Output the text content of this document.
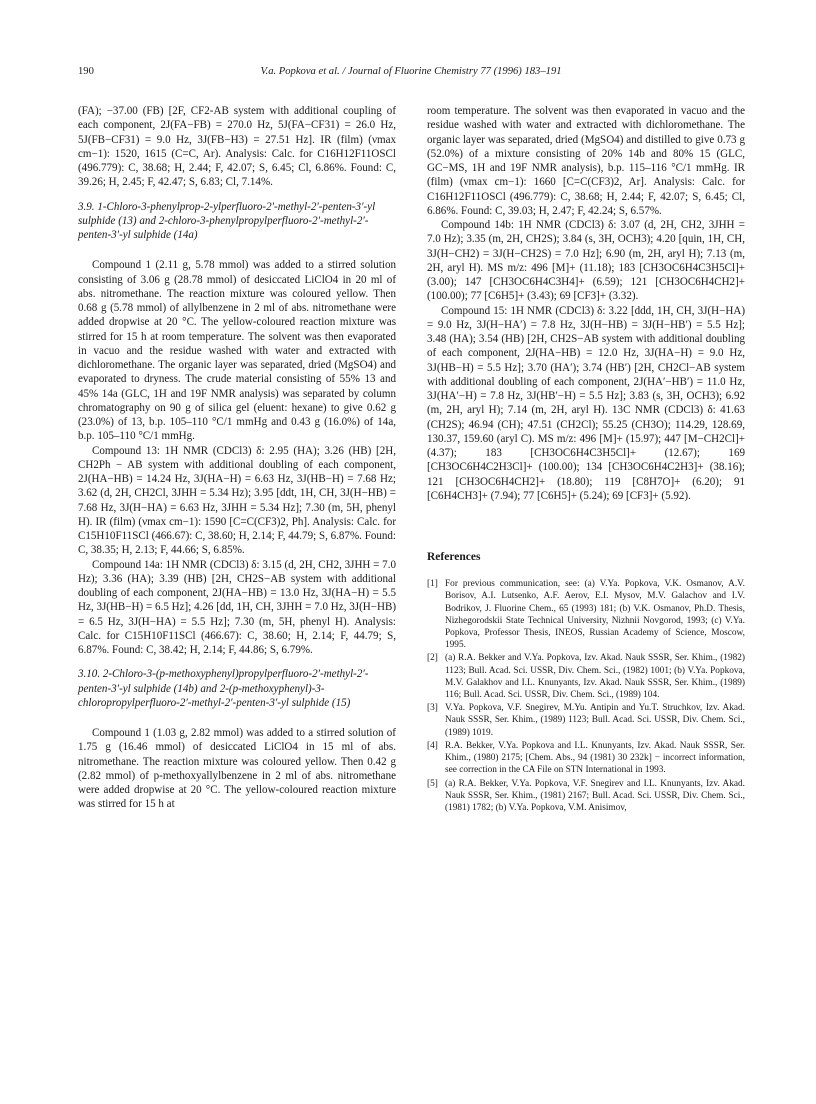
190	V.a. Popkova et al. / Journal of Fluorine Chemistry 77 (1996) 183–191

(FA); −37.00 (FB) [2F, CF2-AB system with additional coupling of each component, 2J(FA−FB) = 270.0 Hz, 5J(FA−CF31) = 26.0 Hz, 5J(FB−CF31) = 9.0 Hz, 3J(FB−H3) = 27.51 Hz]. IR (film) (νmax cm−1): 1520, 1615 (C=C, Ar). Analysis: Calc. for C16H12F11OSCl (496.779): C, 38.68; H, 2.44; F, 42.07; S, 6.45; Cl, 6.86%. Found: C, 39.26; H, 2.45; F, 42.47; S, 6.83; Cl, 7.14%.

3.9. 1-Chloro-3-phenylprop-2-ylperfluoro-2′-methyl-2′-penten-3′-yl sulphide (13) and 2-chloro-3-phenylpropylperfluoro-2′-methyl-2′-penten-3′-yl sulphide (14a)

Compound 1 (2.11 g, 5.78 mmol) was added to a stirred solution consisting of 3.06 g (28.78 mmol) of desiccated LiClO4 in 20 ml of abs. nitromethane. The reaction mixture was coloured yellow. Then 0.68 g (5.78 mmol) of allylbenzene in 2 ml of abs. nitromethane were added dropwise at 20 °C. The yellow-coloured reaction mixture was stirred for 15 h at room temperature. The solvent was then evaporated in vacuo and the residue washed with water and extracted with dichloromethane. The organic layer was separated, dried (MgSO4) and evaporated to dryness. The crude material consisting of 55% 13 and 45% 14a (GLC, 1H and 19F NMR analysis) was separated by column chromatography on 90 g of silica gel (eluent: hexane) to give 0.62 g (23.0%) of 13, b.p. 105–110 °C/1 mmHg and 0.43 g (16.0%) of 14a, b.p. 105–110 °C/1 mmHg.

Compound 13: 1H NMR (CDCl3) δ: 2.95 (HA); 3.26 (HB) [2H, CH2Ph − AB system with additional doubling of each component, 2J(HA−HB) = 14.24 Hz, 3J(HA−H) = 6.63 Hz, 3J(HB−H) = 7.68 Hz; 3.62 (d, 2H, CH2Cl, 3JHH = 5.34 Hz); 3.95 [ddt, 1H, CH, 3J(H−HB) = 7.68 Hz, 3J(H−HA) = 6.63 Hz, 3JHH = 5.34 Hz]; 7.30 (m, 5H, phenyl H). IR (film) (νmax cm−1): 1590 [C=C(CF3)2, Ph]. Analysis: Calc. for C15H10F11SCl (466.67): C, 38.60; H, 2.14; F, 44.79; S, 6.87%. Found: C, 38.35; H, 2.13; F, 44.66; S, 6.85%.

Compound 14a: 1H NMR (CDCl3) δ: 3.15 (d, 2H, CH2, 3JHH = 7.0 Hz); 3.36 (HA); 3.39 (HB) [2H, CH2S−AB system with additional doubling of each component, 2J(HA−HB) = 13.0 Hz, 3J(HA−H) = 5.5 Hz, 3J(HB−H) = 6.5 Hz]; 4.26 [dd, 1H, CH, 3JHH = 7.0 Hz, 3J(H−HB) = 6.5 Hz, 3J(H−HA) = 5.5 Hz]; 7.30 (m, 5H, phenyl H). Analysis: Calc. for C15H10F11SCl (466.67): C, 38.60; H, 2.14; F, 44.79; S, 6.87%. Found: C, 38.42; H, 2.14; F, 44.86; S, 6.79%.

3.10. 2-Chloro-3-(p-methoxyphenyl)propylperfluoro-2′-methyl-2′-penten-3′-yl sulphide (14b) and 2-(p-methoxyphenyl)-3-chloropropylperfluoro-2′-methyl-2′-penten-3′-yl sulphide (15)

Compound 1 (1.03 g, 2.82 mmol) was added to a stirred solution of 1.75 g (16.46 mmol) of desiccated LiClO4 in 15 ml of abs. nitromethane. The reaction mixture was coloured yellow. Then 0.42 g (2.82 mmol) of p-methoxyallylbenzene in 2 ml of abs. nitromethane were added dropwise at 20 °C. The yellow-coloured reaction mixture was stirred for 15 h at

room temperature. The solvent was then evaporated in vacuo and the residue washed with water and extracted with dichloromethane. The organic layer was separated, dried (MgSO4) and distilled to give 0.73 g (52.0%) of a mixture consisting of 20% 14b and 80% 15 (GLC, GC−MS, 1H and 19F NMR analysis), b.p. 115–116 °C/1 mmHg. IR (film) (νmax cm−1): 1660 [C=C(CF3)2, Ar]. Analysis: Calc. for C16H12F11OSCl (496.779): C, 38.68; H, 2.44; F, 42.07; S, 6.45; Cl, 6.86%. Found: C, 39.03; H, 2.47; F, 42.24; S, 6.57%.

Compound 14b: 1H NMR (CDCl3) δ: 3.07 (d, 2H, CH2, 3JHH = 7.0 Hz); 3.35 (m, 2H, CH2S); 3.84 (s, 3H, OCH3); 4.20 [quin, 1H, CH, 3J(H−CH2) = 3J(H−CH2S) = 7.0 Hz]; 6.90 (m, 2H, aryl H); 7.13 (m, 2H, aryl H). MS m/z: 496 [M]+ (11.18); 183 [CH3OC6H4C3H5Cl]+ (3.00); 147 [CH3OC6H4C3H4]+ (6.59); 121 [CH3OC6H4CH2]+ (100.00); 77 [C6H5]+ (3.43); 69 [CF3]+ (3.32).

Compound 15: 1H NMR (CDCl3) δ: 3.22 [ddd, 1H, CH, 3J(H−HA) = 9.0 Hz, 3J(H−HA′) = 7.8 Hz, 3J(H−HB) = 3J(H−HB′) = 5.5 Hz]; 3.48 (HA); 3.54 (HB) [2H, CH2S−AB system with additional doubling of each component, 2J(HA−HB) = 12.0 Hz, 3J(HA−H) = 9.0 Hz, 3J(HB−H) = 5.5 Hz]; 3.70 (HA′); 3.74 (HB′) [2H, CH2Cl−AB system with additional doubling of each component, 2J(HA′−HB′) = 11.0 Hz, 3J(HA′−H) = 7.8 Hz, 3J(HB′−H) = 5.5 Hz]; 3.83 (s, 3H, OCH3); 6.92 (m, 2H, aryl H); 7.14 (m, 2H, aryl H). 13C NMR (CDCl3) δ: 41.63 (CH2S); 46.94 (CH); 47.51 (CH2Cl); 55.25 (CH3O); 114.29, 128.69, 130.37, 159.60 (aryl C). MS m/z: 496 [M]+ (15.97); 447 [M−CH2Cl]+ (4.37); 183 [CH3OC6H4C3H5Cl]+ (12.67); 169 [CH3OC6H4C2H3Cl]+ (100.00); 134 [CH3OC6H4C2H3]+ (38.16); 121 [CH3OC6H4CH2]+ (18.80); 119 [C8H7O]+ (6.20); 91 [C6H4CH3]+ (7.94); 77 [C6H5]+ (5.24); 69 [CF3]+ (5.92).

References

[1] For previous communication, see: (a) V.Ya. Popkova, V.K. Osmanov, A.V. Borisov, A.I. Lutsenko, A.F. Aerov, E.I. Mysov, M.V. Galachov and I.V. Bodrikov, J. Fluorine Chem., 65 (1993) 181; (b) V.K. Osmanov, Ph.D. Thesis, Nizhegorodskii State Technical University, Nizhnii Novgorod, 1993; (c) V.Ya. Popkova, Professor Thesis, INEOS, Russian Academy of Science, Moscow, 1995.

[2] (a) R.A. Bekker and V.Ya. Popkova, Izv. Akad. Nauk SSSR, Ser. Khim., (1982) 1123; Bull. Acad. Sci. USSR, Div. Chem. Sci., (1982) 1001; (b) V.Ya. Popkova, M.V. Galakhov and I.L. Knunyants, Izv. Akad. Nauk SSSR, Ser. Khim., (1989) 116; Bull. Acad. Sci. USSR, Div. Chem. Sci., (1989) 104.

[3] V.Ya. Popkova, V.F. Snegirev, M.Yu. Antipin and Yu.T. Struchkov, Izv. Akad. Nauk SSSR, Ser. Khim., (1989) 1123; Bull. Acad. Sci. USSR, Div. Chem. Sci., (1989) 1019.

[4] R.A. Bekker, V.Ya. Popkova and I.L. Knunyants, Izv. Akad. Nauk SSSR, Ser. Khim., (1980) 2175; [Chem. Abs., 94 (1981) 30 232k] − incorrect information, see correction in the CA File on STN International in 1993.

[5] (a) R.A. Bekker, V.Ya. Popkova, V.F. Snegirev and I.L. Knunyants, Izv. Akad. Nauk SSSR, Ser. Khim., (1981) 2167; Bull. Acad. Sci. USSR, Div. Chem. Sci., (1981) 1782; (b) V.Ya. Popkova, V.M. Anisimov,
